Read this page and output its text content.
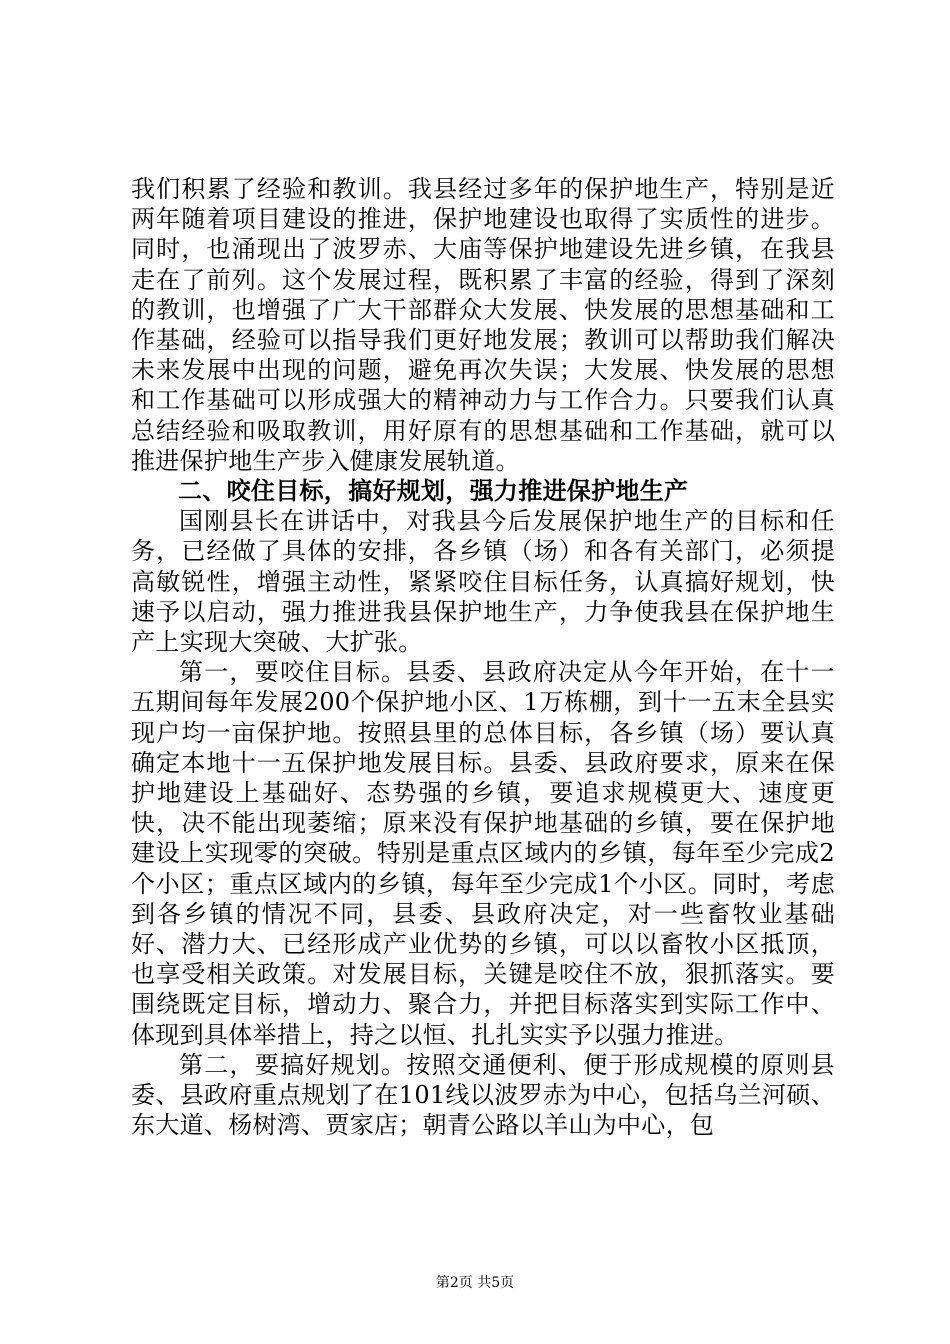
我们积累了经验和教训。我县经过多年的保护地生产，特别是近两年随着项目建设的推进，保护地建设也取得了实质性的进步。同时，也涌现出了波罗赤、大庙等保护地建设先进乡镇，在我县走在了前列。这个发展过程，既积累了丰富的经验，得到了深刻的教训，也增强了广大干部群众大发展、快发展的思想基础和工作基础，经验可以指导我们更好地发展；教训可以帮助我们解决未来发展中出现的问题，避免再次失误；大发展、快发展的思想和工作基础可以形成强大的精神动力与工作合力。只要我们认真总结经验和吸取教训，用好原有的思想基础和工作基础，就可以推进保护地生产步入健康发展轨道。

二、咬住目标，搞好规划，强力推进保护地生产

国刚县长在讲话中，对我县今后发展保护地生产的目标和任务，已经做了具体的安排，各乡镇（场）和各有关部门，必须提高敏锐性，增强主动性，紧紧咬住目标任务，认真搞好规划，快速予以启动，强力推进我县保护地生产，力争使我县在保护地生产上实现大突破、大扩张。

第一，要咬住目标。县委、县政府决定从今年开始，在十一五期间每年发展200个保护地小区、1万栋棚，到十一五末全县实现户均一亩保护地。按照县里的总体目标，各乡镇（场）要认真确定本地十一五保护地发展目标。县委、县政府要求，原来在保护地建设上基础好、态势强的乡镇，要追求规模更大、速度更快，决不能出现萎缩；原来没有保护地基础的乡镇，要在保护地建设上实现零的突破。特别是重点区域内的乡镇，每年至少完成2个小区；重点区域内的乡镇，每年至少完成1个小区。同时，考虑到各乡镇的情况不同，县委、县政府决定，对一些畜牧业基础好、潜力大、已经形成产业优势的乡镇，可以以畜牧小区抵顶，也享受相关政策。对发展目标，关键是咬住不放，狠抓落实。要围绕既定目标，增动力、聚合力，并把目标落实到实际工作中、体现到具体举措上，持之以恒、扎扎实实予以强力推进。

第二，要搞好规划。按照交通便利、便于形成规模的原则县委、县政府重点规划了在101线以波罗赤为中心，包括乌兰河硕、东大道、杨树湾、贾家店；朝青公路以羊山为中心，包

第2页 共5页
